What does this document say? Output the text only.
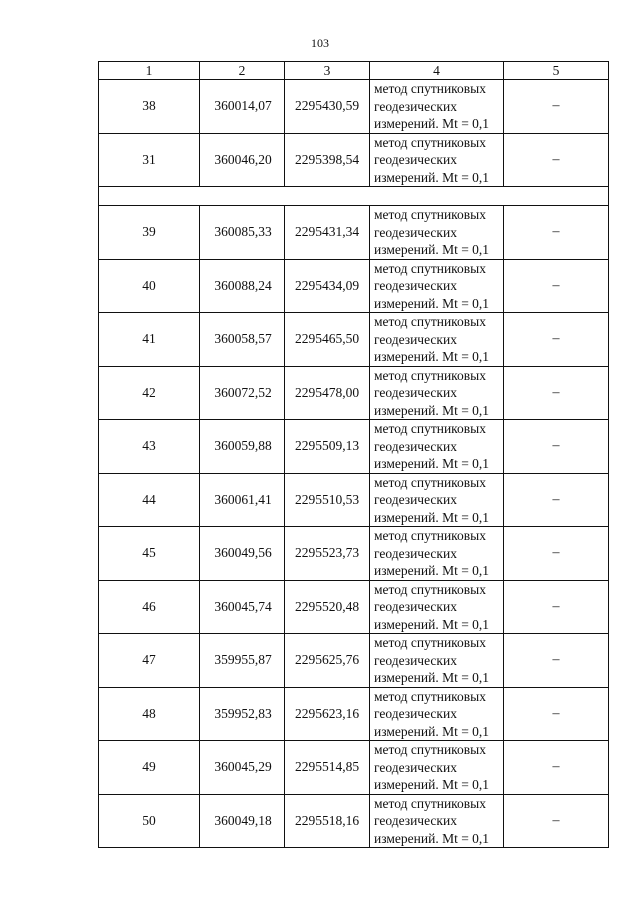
103
1	2	3	4	5
38	360014,07	2295430,59	метод спутниковых
геодезических
измерений. Mt = 0,1	–
31	360046,20	2295398,54	метод спутниковых
геодезических
измерений. Mt = 0,1	–

39	360085,33	2295431,34	метод спутниковых
геодезических
измерений. Mt = 0,1	–
40	360088,24	2295434,09	метод спутниковых
геодезических
измерений. Mt = 0,1	–
41	360058,57	2295465,50	метод спутниковых
геодезических
измерений. Mt = 0,1	–
42	360072,52	2295478,00	метод спутниковых
геодезических
измерений. Mt = 0,1	–
43	360059,88	2295509,13	метод спутниковых
геодезических
измерений. Mt = 0,1	–
44	360061,41	2295510,53	метод спутниковых
геодезических
измерений. Mt = 0,1	–
45	360049,56	2295523,73	метод спутниковых
геодезических
измерений. Mt = 0,1	–
46	360045,74	2295520,48	метод спутниковых
геодезических
измерений. Mt = 0,1	–
47	359955,87	2295625,76	метод спутниковых
геодезических
измерений. Mt = 0,1	–
48	359952,83	2295623,16	метод спутниковых
геодезических
измерений. Mt = 0,1	–
49	360045,29	2295514,85	метод спутниковых
геодезических
измерений. Mt = 0,1	–
50	360049,18	2295518,16	метод спутниковых
геодезических
измерений. Mt = 0,1	–
